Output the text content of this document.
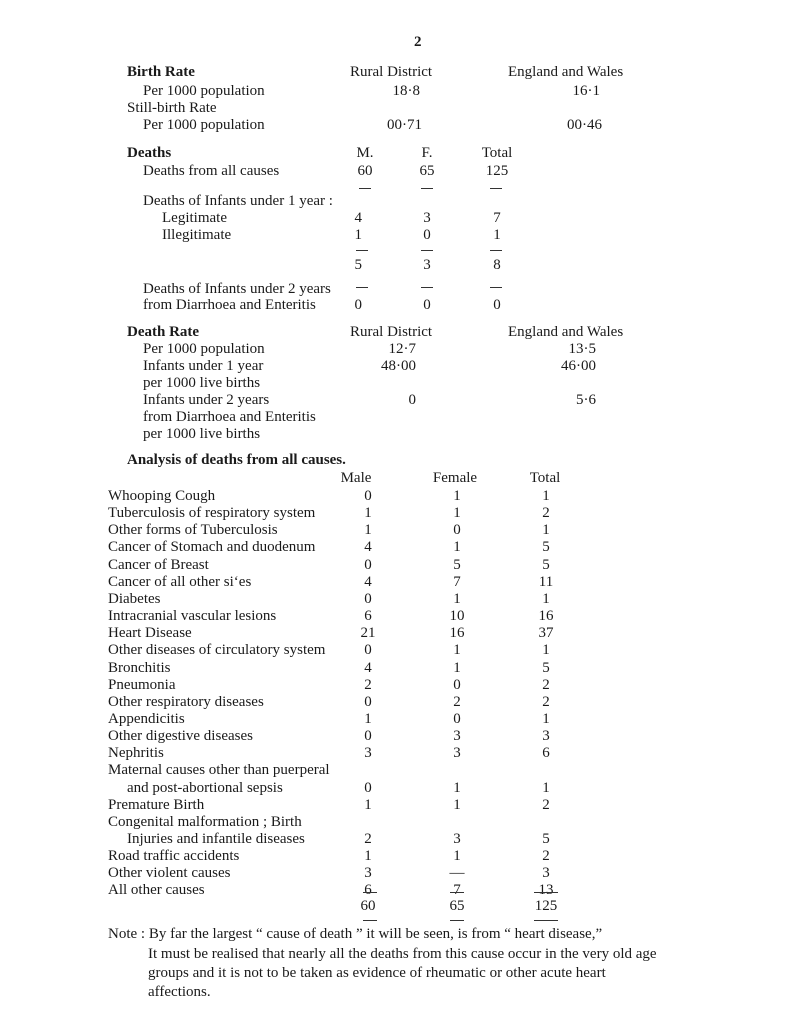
2
Birth Rate	Rural District	England and Wales
Per 1000 population	18·8	16·1
Still-birth Rate
Per 1000 population	00·71	00·46
Deaths	M.	F.	Total
Deaths from all causes	60	65	125
Deaths of Infants under 1 year :
Legitimate	4	3	7
Illegitimate	1	0	1
5	3	8
Deaths of Infants under 2 years
from Diarrhoea and Enteritis	0	0	0
Death Rate	Rural District	England and Wales
Per 1000 population	12·7	13·5
Infants under 1 year	48·00	46·00
per 1000 live births
Infants under 2 years	0	5·6
from Diarrhoea and Enteritis
per 1000 live births
Analysis of deaths from all causes.
Male	Female	Total
Whooping Cough	0	1	1
Tuberculosis of respiratory system	1	1	2
Other forms of Tuberculosis	1	0	1
Cancer of Stomach and duodenum	4	1	5
Cancer of Breast	0	5	5
Cancer of all other si‘es	4	7	11
Diabetes	0	1	1
Intracranial vascular lesions	6	10	16
Heart Disease	21	16	37
Other diseases of circulatory system	0	1	1
Bronchitis	4	1	5
Pneumonia	2	0	2
Other respiratory diseases	0	2	2
Appendicitis	1	0	1
Other digestive diseases	0	3	3
Nephritis	3	3	6
Maternal causes other than puerperal
and post-abortional sepsis	0	1	1
Premature Birth	1	1	2
Congenital malformation ; Birth
Injuries and infantile diseases	2	3	5
Road traffic accidents	1	1	2
Other violent causes	3	—	3
All other causes	6	7	13
60	65	125
Note : By far the largest “ cause of death ” it will be seen, is from “ heart disease,”
It must be realised that nearly all the deaths from this cause occur in the very old age groups and it is not to be taken as evidence of rheumatic or other acute heart affections.
